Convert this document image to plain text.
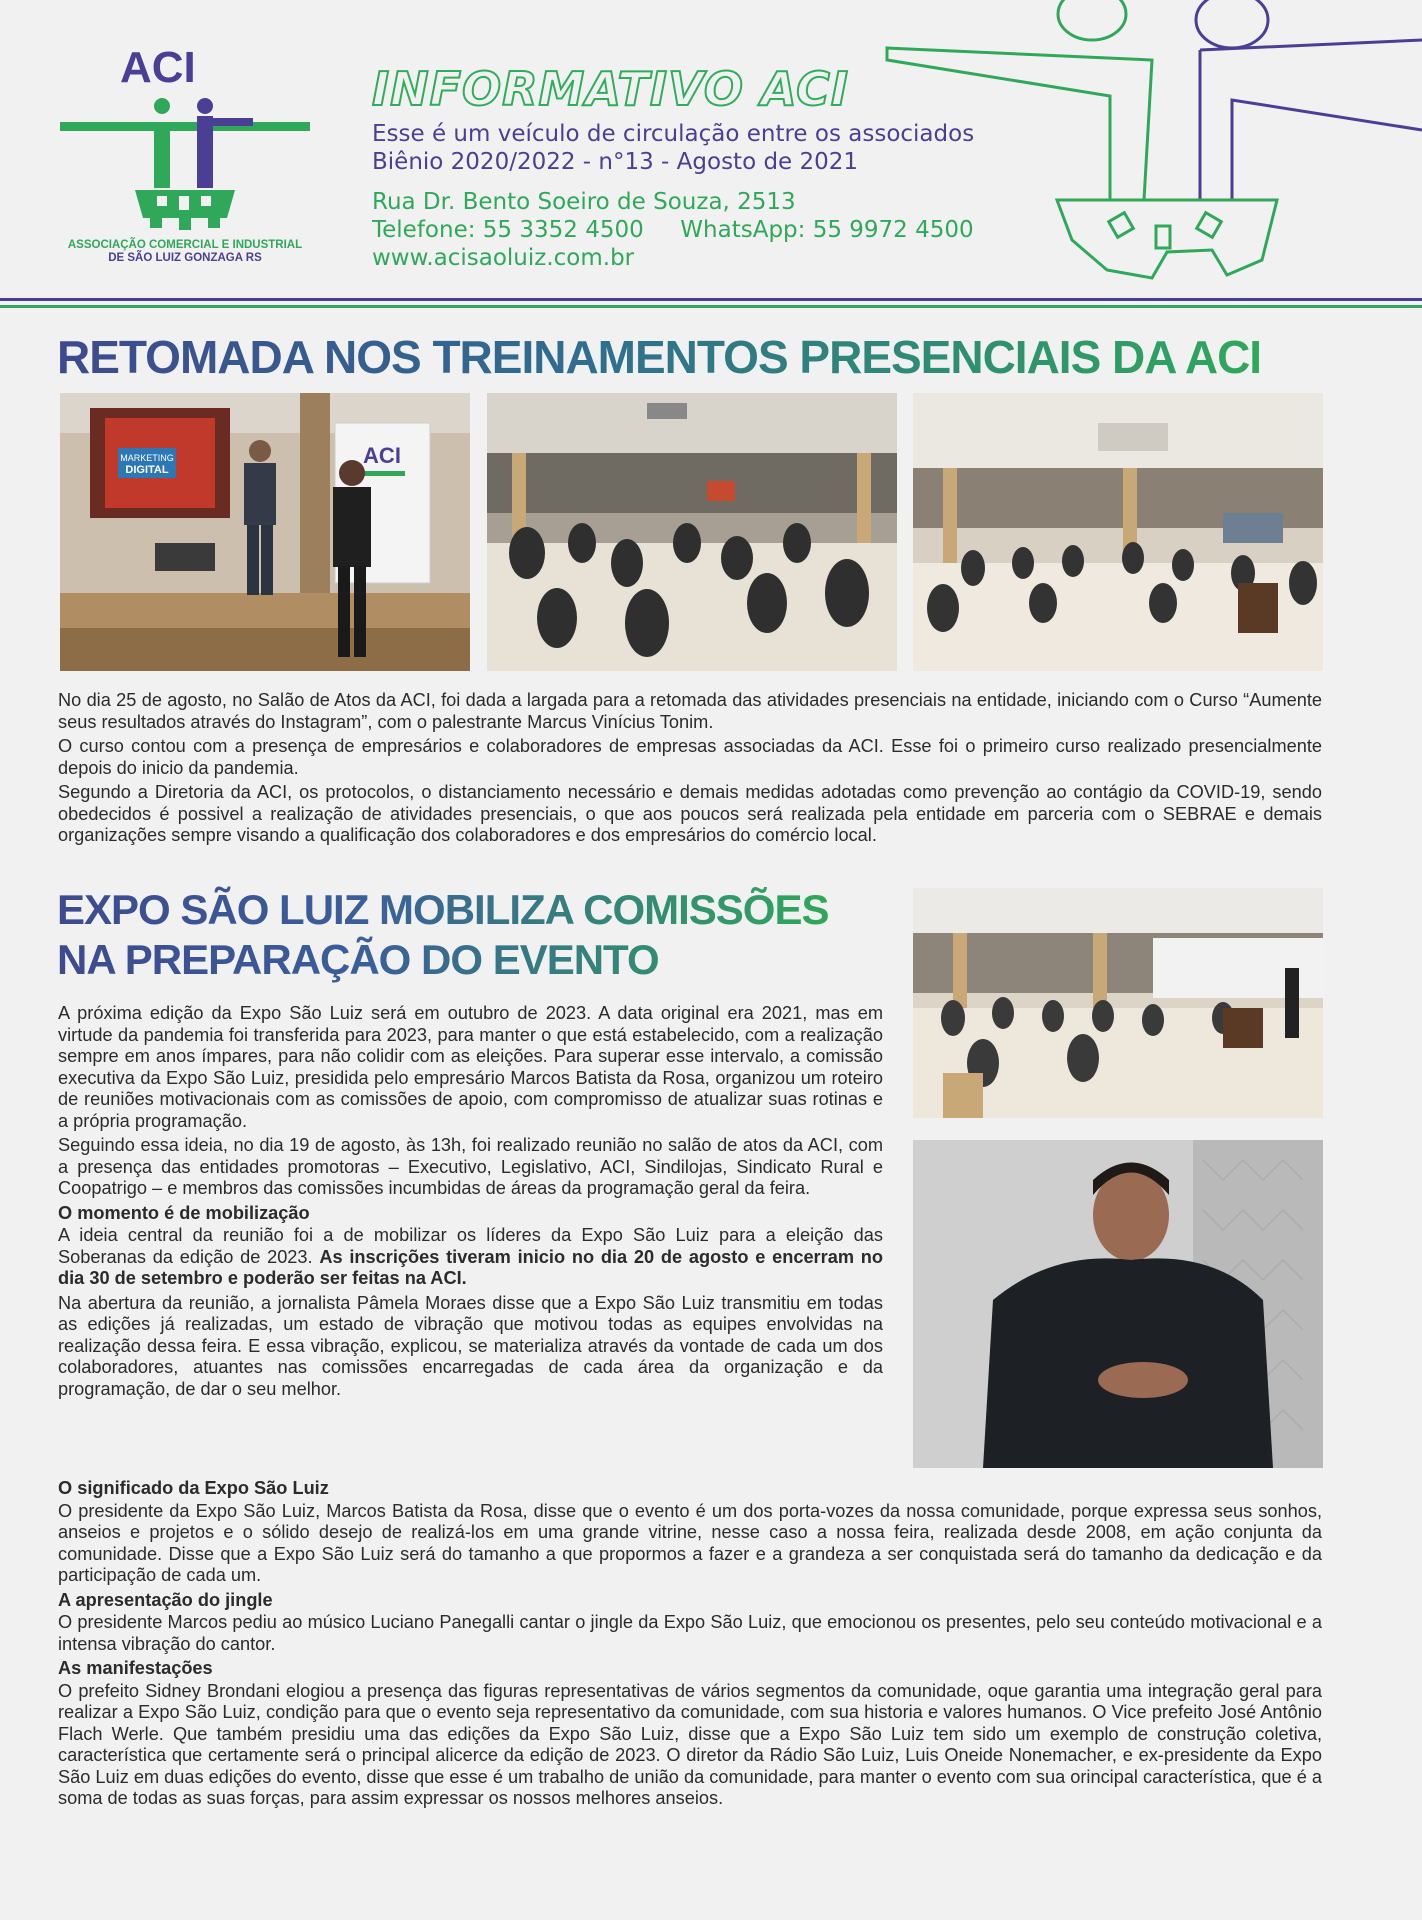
ACI
ASSOCIAÇÃO COMERCIAL E INDUSTRIAL
DE SÃO LUIZ GONZAGA RS
INFORMATIVO ACI
Esse é um veículo de circulação entre os associados
Biênio 2020/2022 - n°13 - Agosto de 2021
Rua Dr. Bento Soeiro de Souza, 2513
Telefone: 55 3352 4500     WhatsApp: 55 9972 4500
www.acisaoluiz.com.br
RETOMADA NOS TREINAMENTOS PRESENCIAIS DA ACI
MARKETING
DIGITAL
ACI

No dia 25 de agosto, no Salão de Atos da ACI, foi dada a largada para a retomada das atividades presenciais na entidade, iniciando com o Curso “Aumente seus resultados através do Instagram”, com o palestrante Marcus Vinícius Tonim.

O curso contou com a presença de empresários e colaboradores de empresas associadas da ACI. Esse foi o primeiro curso realizado presencialmente depois do inicio da pandemia.

Segundo a Diretoria da ACI, os protocolos, o distanciamento necessário e demais medidas adotadas como prevenção ao contágio da COVID-19, sendo obedecidos é possivel a realização de atividades presenciais, o que aos poucos será realizada pela entidade em parceria com o SEBRAE e demais organizações sempre visando a qualificação dos colaboradores e dos empresários do comércio local.

EXPO SÃO LUIZ MOBILIZA COMISSÕES
NA PREPARAÇÃO DO EVENTO

A próxima edição da Expo São Luiz será em outubro de 2023. A data original era 2021, mas em virtude da pandemia foi transferida para 2023, para manter o que está estabelecido, com a realização sempre em anos ímpares, para não colidir com as eleições. Para superar esse intervalo, a comissão executiva da Expo São Luiz, presidida pelo empresário Marcos Batista da Rosa, organizou um roteiro de reuniões motivacionais com as comissões de apoio, com compromisso de atualizar suas rotinas e a própria programação.

Seguindo essa ideia, no dia 19 de agosto, às 13h, foi realizado reunião no salão de atos da ACI, com a presença das entidades promotoras – Executivo, Legislativo, ACI, Sindilojas, Sindicato Rural e Coopatrigo – e membros das comissões incumbidas de áreas da programação geral da feira.

O momento é de mobilização

A ideia central da reunião foi a de mobilizar os líderes da Expo São Luiz para a eleição das Soberanas da edição de 2023. As inscrições tiveram inicio no dia 20 de agosto e encerram no dia 30 de setembro e poderão ser feitas na ACI.

Na abertura da reunião, a jornalista Pâmela Moraes disse que a Expo São Luiz transmitiu em todas as edições já realizadas, um estado de vibração que motivou todas as equipes envolvidas na realização dessa feira. E essa vibração, explicou, se materializa através da vontade de cada um dos colaboradores, atuantes nas comissões encarregadas de cada área da organização e da programação, de dar o seu melhor.

O significado da Expo São Luiz

O presidente da Expo São Luiz, Marcos Batista da Rosa, disse que o evento é um dos porta-vozes da nossa comunidade, porque expressa seus sonhos, anseios e projetos e o sólido desejo de realizá-los em uma grande vitrine, nesse caso a nossa feira, realizada desde 2008, em ação conjunta da comunidade. Disse que a Expo São Luiz será do tamanho a que propormos a fazer e a grandeza a ser conquistada será do tamanho da dedicação e da participação de cada um.

A apresentação do jingle

O presidente Marcos pediu ao músico Luciano Panegalli cantar o jingle da Expo São Luiz, que emocionou os presentes, pelo seu conteúdo motivacional e a intensa vibração do cantor.

As manifestações

O prefeito Sidney Brondani elogiou a presença das figuras representativas de vários segmentos da comunidade, oque garantia uma integração geral para realizar a Expo São Luiz, condição para que o evento seja representativo da comunidade, com sua historia e valores humanos. O Vice prefeito José Antônio Flach Werle. Que também presidiu uma das edições da Expo São Luiz, disse que a Expo São Luiz tem sido um exemplo de construção coletiva, característica que certamente será o principal alicerce da edição de 2023. O diretor da Rádio São Luiz, Luis Oneide Nonemacher, e ex-presidente da Expo São Luiz em duas edições do evento, disse que esse é um trabalho de união da comunidade, para manter o evento com sua orincipal característica, que é a soma de todas as suas forças, para assim expressar os nossos melhores anseios.
